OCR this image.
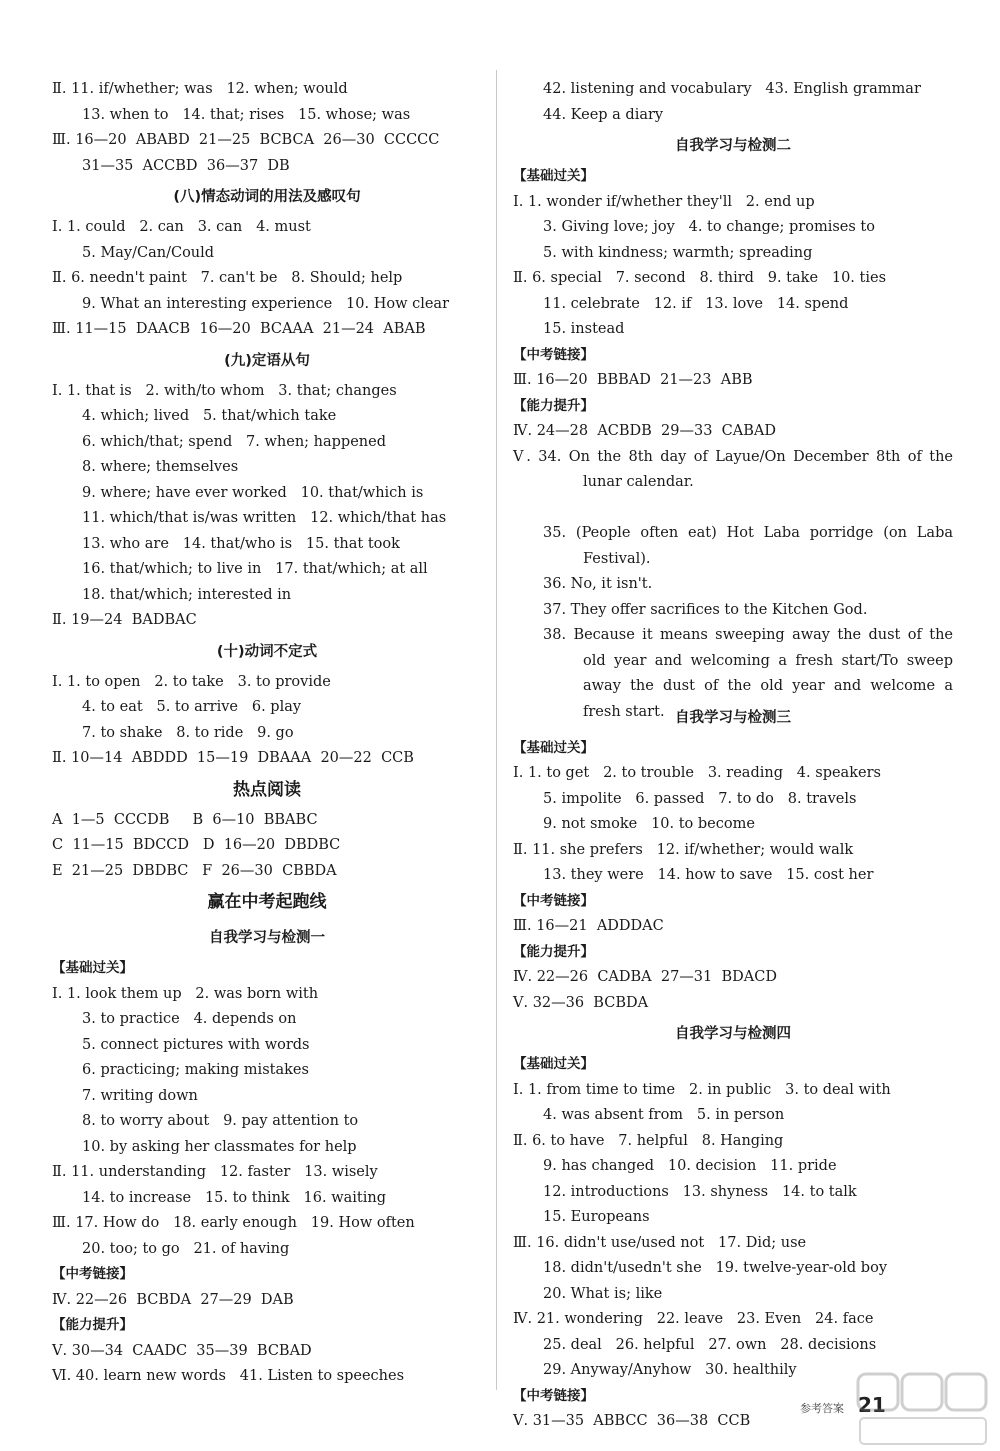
Ⅱ. 11. if/whether; was   12. when; would
13. when to   14. that; rises   15. whose; was
Ⅲ. 16—20  ABABD  21—25  BCBCA  26—30  CCCCC
31—35  ACCBD  36—37  DB
(八)情态动词的用法及感叹句
Ⅰ. 1. could   2. can   3. can   4. must
5. May/Can/Could
Ⅱ. 6. needn't paint   7. can't be   8. Should; help
9. What an interesting experience   10. How clear
Ⅲ. 11—15  DAACB  16—20  BCAAA  21—24  ABAB
(九)定语从句
Ⅰ. 1. that is   2. with/to whom   3. that; changes
4. which; lived   5. that/which take
6. which/that; spend   7. when; happened
8. where; themselves
9. where; have ever worked   10. that/which is
11. which/that is/was written   12. which/that has
13. who are   14. that/who is   15. that took
16. that/which; to live in   17. that/which; at all
18. that/which; interested in
Ⅱ. 19—24  BADBAC
(十)动词不定式
Ⅰ. 1. to open   2. to take   3. to provide
4. to eat   5. to arrive   6. play
7. to shake   8. to ride   9. go
Ⅱ. 10—14  ABDDD  15—19  DBAAA  20—22  CCB
热点阅读
A  1—5  CCCDB     B  6—10  BBABC
C  11—15  BDCCD   D  16—20  DBDBC
E  21—25  DBDBC   F  26—30  CBBDA
赢在中考起跑线
自我学习与检测一
【基础过关】
Ⅰ. 1. look them up   2. was born with
3. to practice   4. depends on
5. connect pictures with words
6. practicing; making mistakes
7. writing down
8. to worry about   9. pay attention to
10. by asking her classmates for help
Ⅱ. 11. understanding   12. faster   13. wisely
14. to increase   15. to think   16. waiting
Ⅲ. 17. How do   18. early enough   19. How often
20. too; to go   21. of having
【中考链接】
Ⅳ. 22—26  BCBDA  27—29  DAB
【能力提升】
Ⅴ. 30—34  CAADC  35—39  BCBAD
Ⅵ. 40. learn new words   41. Listen to speeches
42. listening and vocabulary   43. English grammar
44. Keep a diary
自我学习与检测二
【基础过关】
Ⅰ. 1. wonder if/whether they'll   2. end up
3. Giving love; joy   4. to change; promises to
5. with kindness; warmth; spreading
Ⅱ. 6. special   7. second   8. third   9. take   10. ties
11. celebrate   12. if   13. love   14. spend
15. instead
【中考链接】
Ⅲ. 16—20  BBBAD  21—23  ABB
【能力提升】
Ⅳ. 24—28  ACBDB  29—33  CABAD
Ⅴ. 34. On the 8th day of Layue/On December 8th of the lunar calendar.
35. (People often eat) Hot Laba porridge (on Laba Festival).
36. No, it isn't.
37. They offer sacrifices to the Kitchen God.
38. Because it means sweeping away the dust of the old year and welcoming a fresh start/To sweep away the dust of the old year and welcome a fresh start. 自我学习与检测三
【基础过关】
Ⅰ. 1. to get   2. to trouble   3. reading   4. speakers
5. impolite   6. passed   7. to do   8. travels
9. not smoke   10. to become
Ⅱ. 11. she prefers   12. if/whether; would walk
13. they were   14. how to save   15. cost her
【中考链接】
Ⅲ. 16—21  ADDDAC
【能力提升】
Ⅳ. 22—26  CADBA  27—31  BDACD
Ⅴ. 32—36  BCBDA
自我学习与检测四
【基础过关】
Ⅰ. 1. from time to time   2. in public   3. to deal with
4. was absent from   5. in person
Ⅱ. 6. to have   7. helpful   8. Hanging
9. has changed   10. decision   11. pride
12. introductions   13. shyness   14. to talk
15. Europeans
Ⅲ. 16. didn't use/used not   17. Did; use
18. didn't/usedn't she   19. twelve-year-old boy
20. What is; like
Ⅳ. 21. wondering   22. leave   23. Even   24. face
25. deal   26. helpful   27. own   28. decisions
29. Anyway/Anyhow   30. healthily
【中考链接】
Ⅴ. 31—35  ABBCC  36—38  CCB
参考答案 21
